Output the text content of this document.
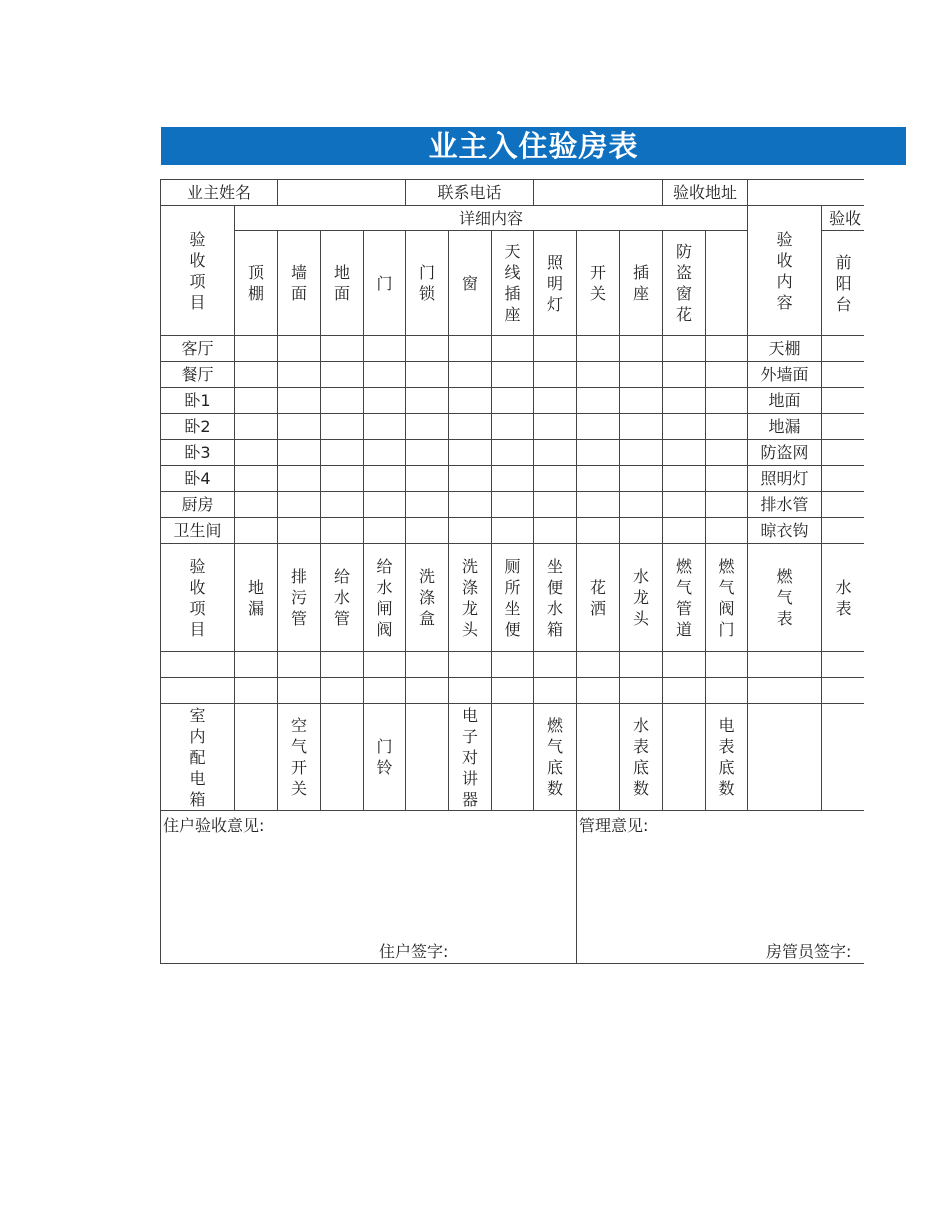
业主入住验房表
业主姓名					联系电话						验收地址				
验收项目	详细内容												验收内容	验收	
	顶棚	墙面	地面	门	门锁	窗	天线插座	照明灯	开关	插座	防盗窗花			前阳台	
客厅													天棚		
餐厅													外墙面		
卧1													地面		
卧2													地漏		
卧3													防盗网		
卧4													照明灯		
厨房													排水管		
卫生间													晾衣钩		
验收项目	地漏	排污管	给水管	给水闸阀	洗涤盒	洗涤龙头	厕所坐便	坐便水箱	花洒	水龙头	燃气管道	燃气阀门	燃气表	水表	

室内配电箱		空气开关		门铃		电子对讲器		燃气底数		水表底数		电表底数			

住户验收意见:
住户签字:									管理意见:
房管员签字:						
